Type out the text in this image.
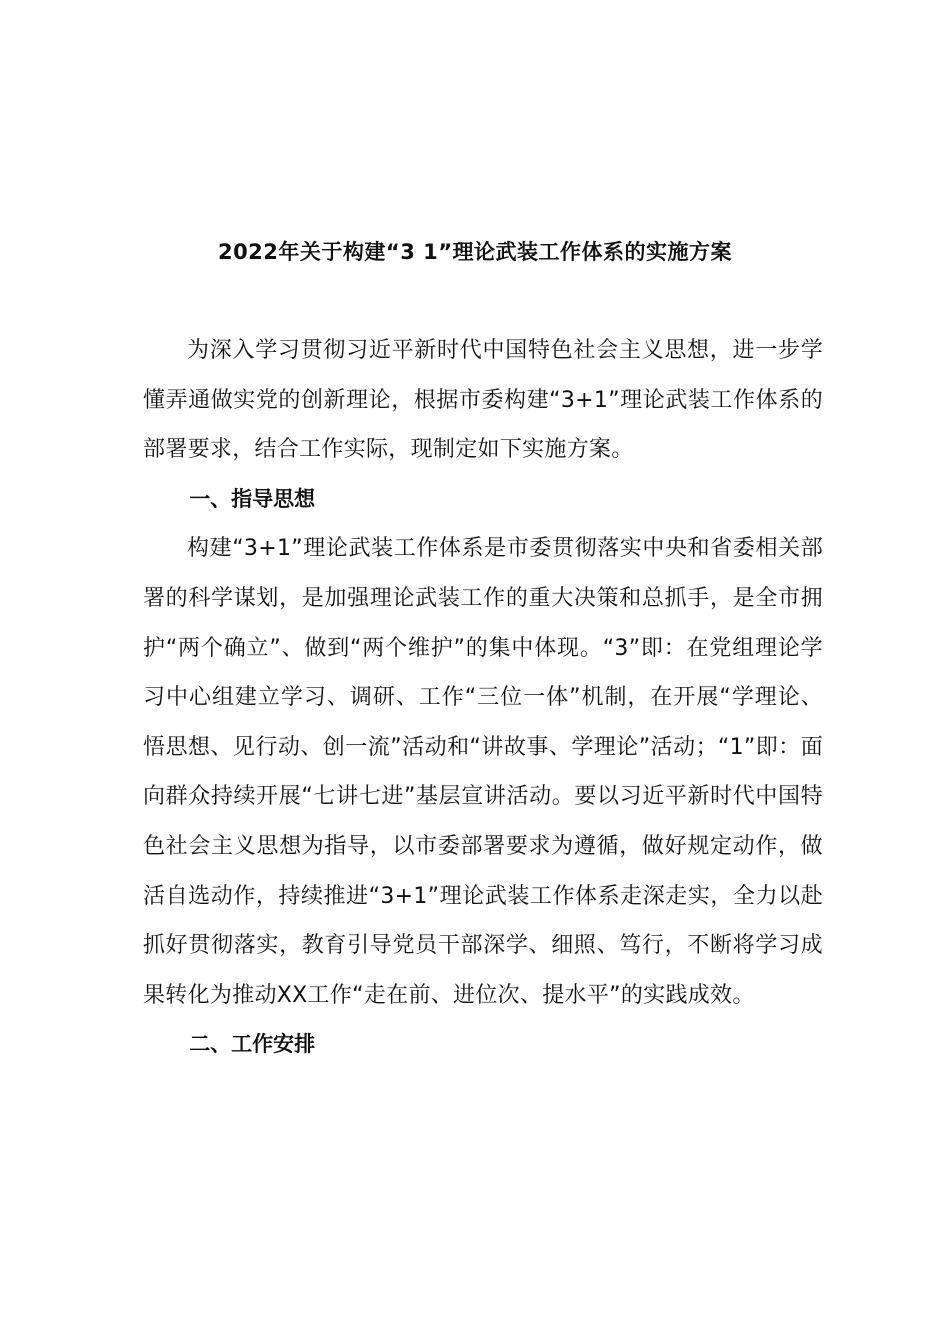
2022年关于构建“3 1”理论武装工作体系的实施方案

为深入学习贯彻习近平新时代中国特色社会主义思想，进一步学懂弄通做实党的创新理论，根据市委构建“3+1”理论武装工作体系的部署要求，结合工作实际，现制定如下实施方案。

一、指导思想

构建“3+1”理论武装工作体系是市委贯彻落实中央和省委相关部署的科学谋划，是加强理论武装工作的重大决策和总抓手，是全市拥护“两个确立”、做到“两个维护”的集中体现。“3”即：在党组理论学习中心组建立学习、调研、工作“三位一体”机制，在开展“学理论、悟思想、见行动、创一流”活动和“讲故事、学理论”活动；“1”即：面向群众持续开展“七讲七进”基层宣讲活动。要以习近平新时代中国特色社会主义思想为指导，以市委部署要求为遵循，做好规定动作，做活自选动作，持续推进“3+1”理论武装工作体系走深走实，全力以赴抓好贯彻落实，教育引导党员干部深学、细照、笃行，不断将学习成果转化为推动XX工作“走在前、进位次、提水平”的实践成效。

二、工作安排
